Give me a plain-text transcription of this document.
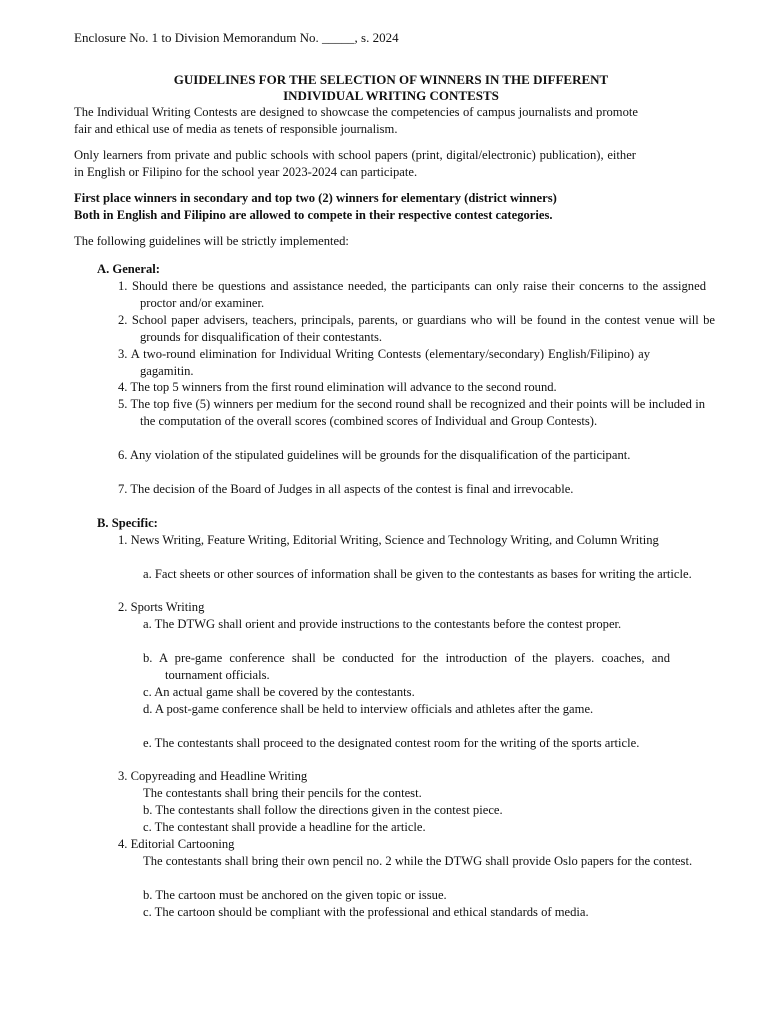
Enclosure No. 1 to Division Memorandum No. _____, s. 2024
GUIDELINES FOR THE SELECTION OF WINNERS IN THE DIFFERENT
INDIVIDUAL WRITING CONTESTS
The Individual Writing Contests are designed to showcase the competencies of campus journalists and promote fair and ethical use of media as tenets of responsible journalism.
Only learners from private and public schools with school papers (print, digital/electronic) publication), either in English or Filipino for the school year 2023-2024 can participate.
First place winners in secondary and top two (2) winners for elementary (district winners)
Both in English and Filipino are allowed to compete in their respective contest categories.
The following guidelines will be strictly implemented:
A. General:
1. Should there be questions and assistance needed, the participants can only raise their concerns to the assigned proctor and/or examiner.
2. School paper advisers, teachers, principals, parents, or guardians who will be found in the contest venue will be grounds for disqualification of their contestants.
3. A two-round elimination for Individual Writing Contests (elementary/secondary) English/Filipino) ay gagamitin.
4. The top 5 winners from the first round elimination will advance to the second round.
5. The top five (5) winners per medium for the second round shall be recognized and their points will be included in the computation of the overall scores (combined scores of Individual and Group Contests).
6. Any violation of the stipulated guidelines will be grounds for the disqualification of the participant.
7. The decision of the Board of Judges in all aspects of the contest is final and irrevocable.
B. Specific:
1. News Writing, Feature Writing, Editorial Writing, Science and Technology Writing, and Column Writing
a. Fact sheets or other sources of information shall be given to the contestants as bases for writing the article.
2. Sports Writing
a. The DTWG shall orient and provide instructions to the contestants before the contest proper.
b. A pre-game conference shall be conducted for the introduction of the players. coaches, and tournament officials.
c. An actual game shall be covered by the contestants.
d. A post-game conference shall be held to interview officials and athletes after the game.
e. The contestants shall proceed to the designated contest room for the writing of the sports article.
3. Copyreading and Headline Writing
The contestants shall bring their pencils for the contest.
b. The contestants shall follow the directions given in the contest piece.
c. The contestant shall provide a headline for the article.
4. Editorial Cartooning
The contestants shall bring their own pencil no. 2 while the DTWG shall provide Oslo papers for the contest.
b. The cartoon must be anchored on the given topic or issue.
c. The cartoon should be compliant with the professional and ethical standards of media.
